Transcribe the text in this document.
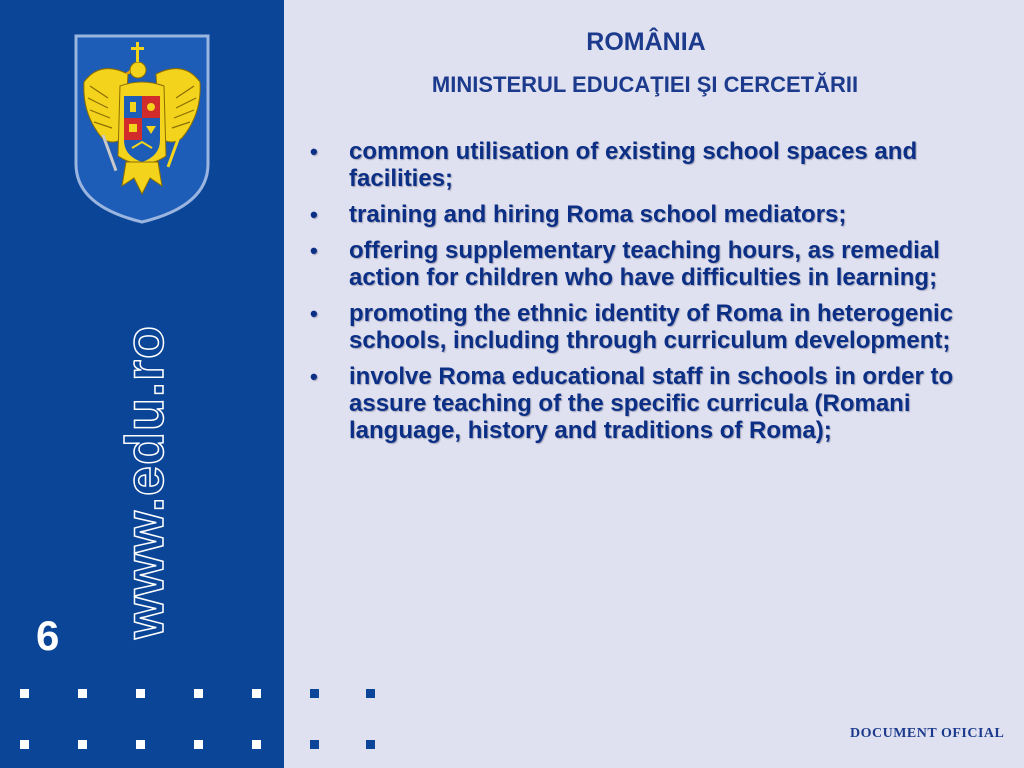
www.edu.ro
6
ROMÂNIA
MINISTERUL EDUCAŢIEI ŞI CERCETĂRII
• common utilisation of existing school spaces and facilities;
• training and hiring Roma school mediators;
• offering supplementary teaching hours, as remedial action for children who have difficulties in learning;
• promoting the ethnic identity of Roma in heterogenic schools, including through curriculum development;
• involve Roma educational staff in schools in order to assure teaching of the specific curricula (Romani language, history and traditions of Roma);
DOCUMENT OFICIAL
